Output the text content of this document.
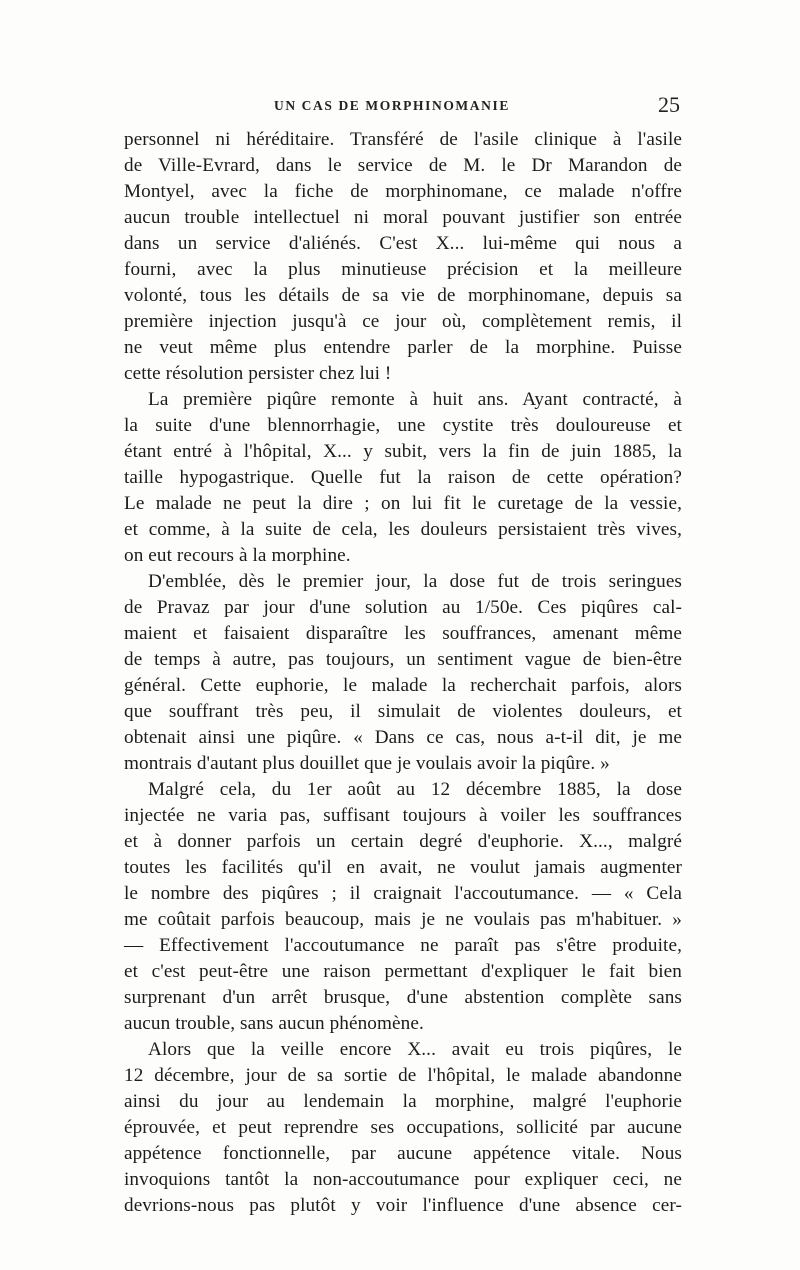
UN CAS DE MORPHINOMANIE	25
personnel ni héréditaire. Transféré de l'asile clinique à l'asile
de Ville-Evrard, dans le service de M. le Dr Marandon de
Montyel, avec la fiche de morphinomane, ce malade n'offre
aucun trouble intellectuel ni moral pouvant justifier son entrée
dans un service d'aliénés. C'est X... lui-même qui nous a
fourni, avec la plus minutieuse précision et la meilleure
volonté, tous les détails de sa vie de morphinomane, depuis sa
première injection jusqu'à ce jour où, complètement remis, il
ne veut même plus entendre parler de la morphine. Puisse
cette résolution persister chez lui !
La première piqûre remonte à huit ans. Ayant contracté, à
la suite d'une blennorrhagie, une cystite très douloureuse et
étant entré à l'hôpital, X... y subit, vers la fin de juin 1885, la
taille hypogastrique. Quelle fut la raison de cette opération?
Le malade ne peut la dire ; on lui fit le curetage de la vessie,
et comme, à la suite de cela, les douleurs persistaient très vives,
on eut recours à la morphine.
D'emblée, dès le premier jour, la dose fut de trois seringues
de Pravaz par jour d'une solution au 1/50e. Ces piqûres cal-
maient et faisaient disparaître les souffrances, amenant même
de temps à autre, pas toujours, un sentiment vague de bien-être
général. Cette euphorie, le malade la recherchait parfois, alors
que souffrant très peu, il simulait de violentes douleurs, et
obtenait ainsi une piqûre. « Dans ce cas, nous a-t-il dit, je me
montrais d'autant plus douillet que je voulais avoir la piqûre. »
Malgré cela, du 1er août au 12 décembre 1885, la dose
injectée ne varia pas, suffisant toujours à voiler les souffrances
et à donner parfois un certain degré d'euphorie. X..., malgré
toutes les facilités qu'il en avait, ne voulut jamais augmenter
le nombre des piqûres ; il craignait l'accoutumance. — « Cela
me coûtait parfois beaucoup, mais je ne voulais pas m'habituer. »
— Effectivement l'accoutumance ne paraît pas s'être produite,
et c'est peut-être une raison permettant d'expliquer le fait bien
surprenant d'un arrêt brusque, d'une abstention complète sans
aucun trouble, sans aucun phénomène.
Alors que la veille encore X... avait eu trois piqûres, le
12 décembre, jour de sa sortie de l'hôpital, le malade abandonne
ainsi du jour au lendemain la morphine, malgré l'euphorie
éprouvée, et peut reprendre ses occupations, sollicité par aucune
appétence fonctionnelle, par aucune appétence vitale. Nous
invoquions tantôt la non-accoutumance pour expliquer ceci, ne
devrions-nous pas plutôt y voir l'influence d'une absence cer-
